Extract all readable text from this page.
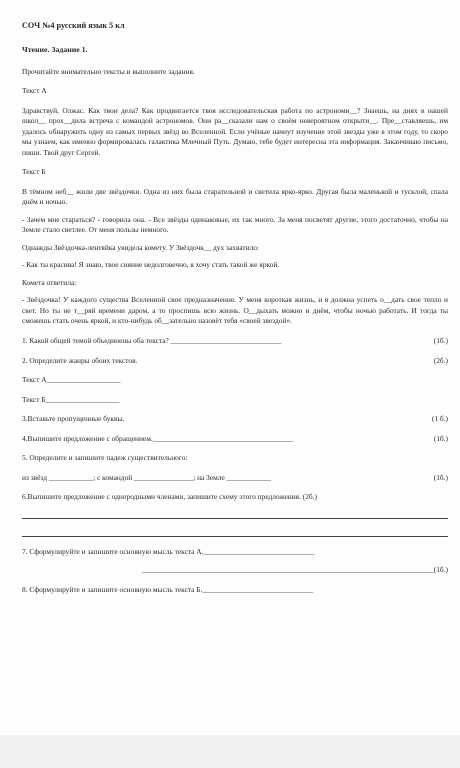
СОЧ №4 русский язык 5 кл
Чтение. Задание 1.

Прочитайте внимательно тексты и выполните задания.

Текст А

Здравствуй, Олжас. Как твои дела? Как продвигается твоя исследовательская работа по астрономи__? Знаешь, на днях в нашей школ__ прох__дила встреча с командой астрономов. Они ра__сказали нам о своём невероятном открыти__. Пре__ставляешь, им удалось обнаружить одну из самых первых звёзд во Вселенной. Если учёные начнут изучение этой звезды уже в этом году, то скоро мы узнаем, как именно формировалась галактика Млечный Путь. Думаю, тебе будет интересна эта информация. Заканчиваю письмо, пиши. Твой друг Сергей.

Текст Б

В тёмном неб__ жили две звёздочки. Одна из них была старательной и светила ярко-ярко. Другая была маленькой и тусклой, спала днём и ночью.

- Зачем мне стараться? - говорила она. - Все звёзды одинаковые, их так много. За меня посветят другие, этого достаточно, чтобы на Земле стало светлее. От меня пользы немного.

Однажды Звёздочка-лентяйка увидела комету. У Звёздочк__ дух захватило:

- Как ты красива! Я знаю, твое сияние недолговечно, я хочу стать такой же яркой.

Комета ответила:

- Звёздочка! У каждого существа Вселенной свое предназначение. У меня короткая жизнь, и я должна успеть о__дать свое тепло и свет. Но ты не т__ряй времени даром, а то проспишь всю жизнь. О__дыхать можно и днём, чтобы ночью работать. И тогда ты сможешь стать очень яркой, и кто-нибудь об__зательно назовёт тебя «своей звездой».

1. Какой общей темой объединены оба текста? ______________________________	(1б.)
2. Определите жанры обоих текстов.	(2б.)
Текст А____________________
Текст Б____________________
3.Вставьте пропущенные буквы.	(1 б.)
4.Выпишите предложение с обращением.______________________________________	(1б.)
5. Определите и запишите падеж существительного:
из звёзд ____________; с командой ________________; на Земле ____________	(1б.)
6.Выпишите предложение с однородными членами, запишите схему этого предложения. (2б.)
7. Сформулируйте и запишите основную мысль текста А.______________________________
_______________________________________________________________________________(1б.)
8. Сформулируйте и запишите основную мысль текста Б.______________________________
